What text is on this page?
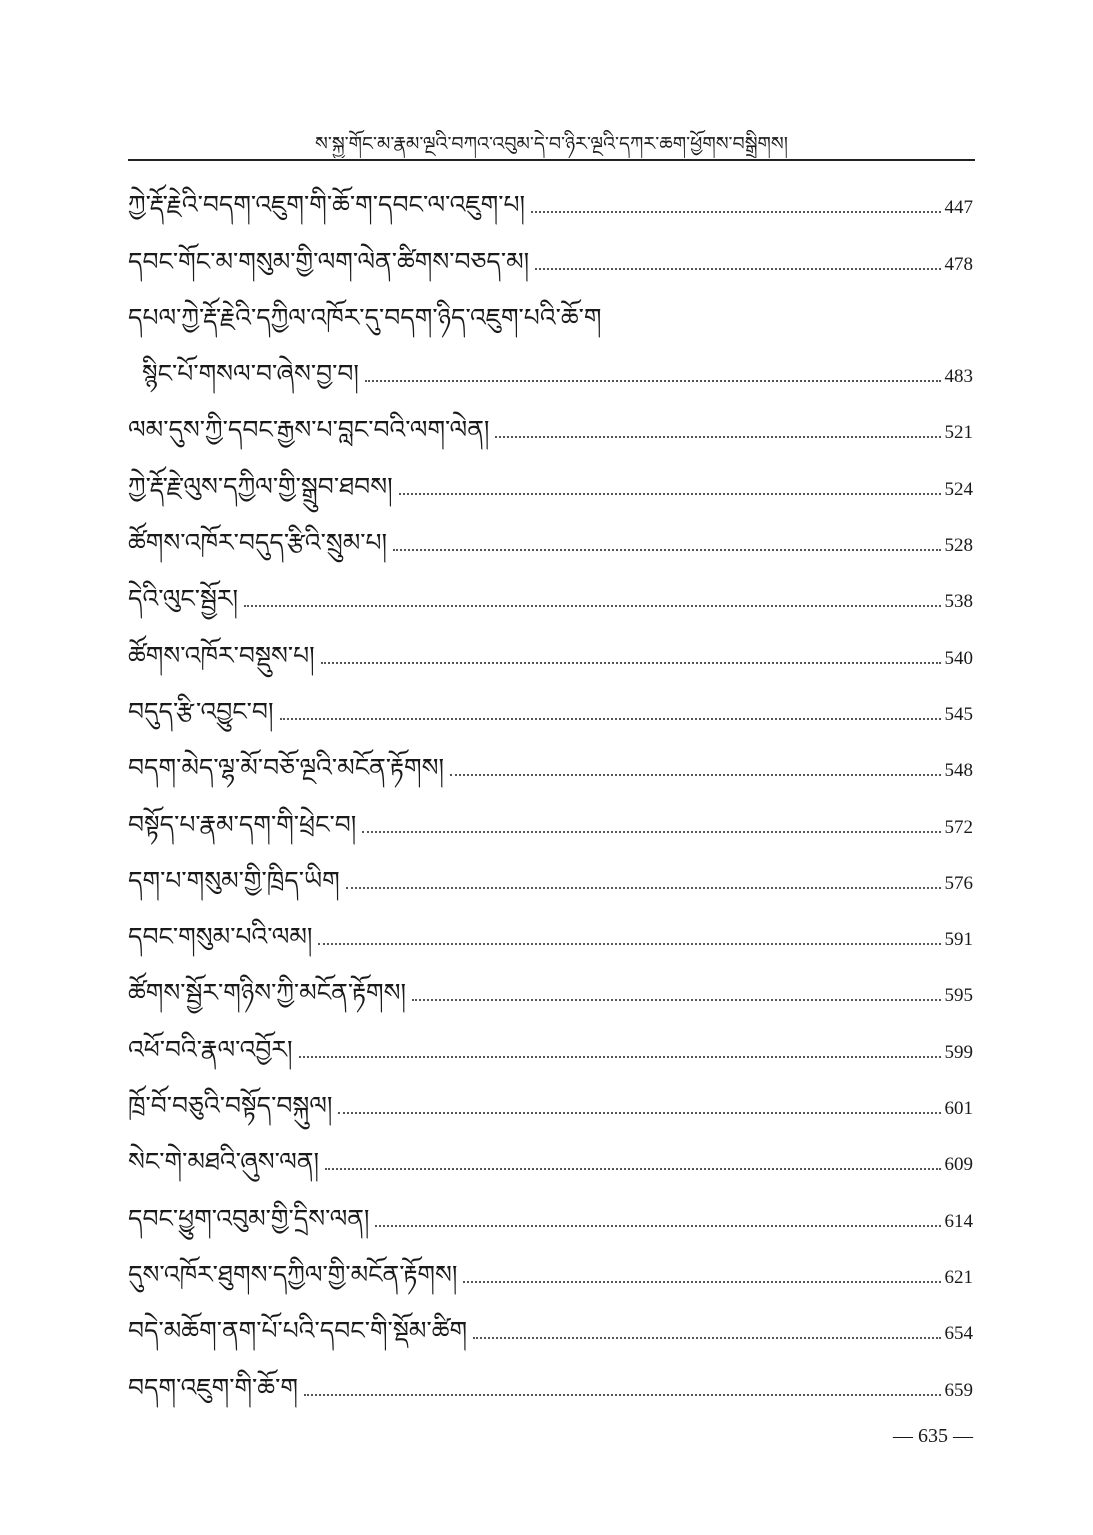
ས་སྐྱ་གོང་མ་རྣམ་ལྔའི་བཀའ་འབུམ་དེ་བ་ཉིར་ལྔའི་དཀར་ཆག་ཕྱོགས་བསྒྲིགས།
ཀྱེ་རྡོ་རྗེའི་བདག་འཇུག་གི་ཆོ་ག་དབང་ལ་འཇུག་པ།	447
དབང་གོང་མ་གསུམ་གྱི་ལག་ལེན་ཚིགས་བཅད་མ།	478
དཔལ་ཀྱེ་རྡོ་རྗེའི་དཀྱིལ་འཁོར་དུ་བདག་ཉིད་འཇུག་པའི་ཆོ་ག
སྙིང་པོ་གསལ་བ་ཞེས་བྱ་བ།	483
ལམ་དུས་ཀྱི་དབང་རྒྱས་པ་བླང་བའི་ལག་ལེན།	521
ཀྱེ་རྡོ་རྗེ་ལུས་དཀྱིལ་གྱི་སྒྲུབ་ཐབས།	524
ཚོགས་འཁོར་བདུད་རྩིའི་སྲུམ་པ།	528
དེའི་ལུང་སྦྱོར།	538
ཚོགས་འཁོར་བསྡུས་པ།	540
བདུད་རྩི་འབྱུང་བ།	545
བདག་མེད་ལྷ་མོ་བཅོ་ལྔའི་མངོན་རྟོགས།	548
བསྟོད་པ་རྣམ་དག་གི་ཕྲེང་བ།	572
དག་པ་གསུམ་གྱི་ཁྲིད་ཡིག	576
དབང་གསུམ་པའི་ལམ།	591
ཚོགས་སྦྱོར་གཉིས་ཀྱི་མངོན་རྟོགས།	595
འཕོ་བའི་རྣལ་འབྱོར།	599
ཁྲོ་བོ་བཅུའི་བསྟོད་བསྐུལ།	601
སེང་གེ་མཐའི་ཞུས་ལན།	609
དབང་ཕྱུག་འབུམ་གྱི་དྲིས་ལན།	614
དུས་འཁོར་ཐུགས་དཀྱིལ་གྱི་མངོན་རྟོགས།	621
བདེ་མཆོག་ནག་པོ་པའི་དབང་གི་སྡོམ་ཚིག	654
བདག་འཇུག་གི་ཆོ་ག	659
— 635 —
